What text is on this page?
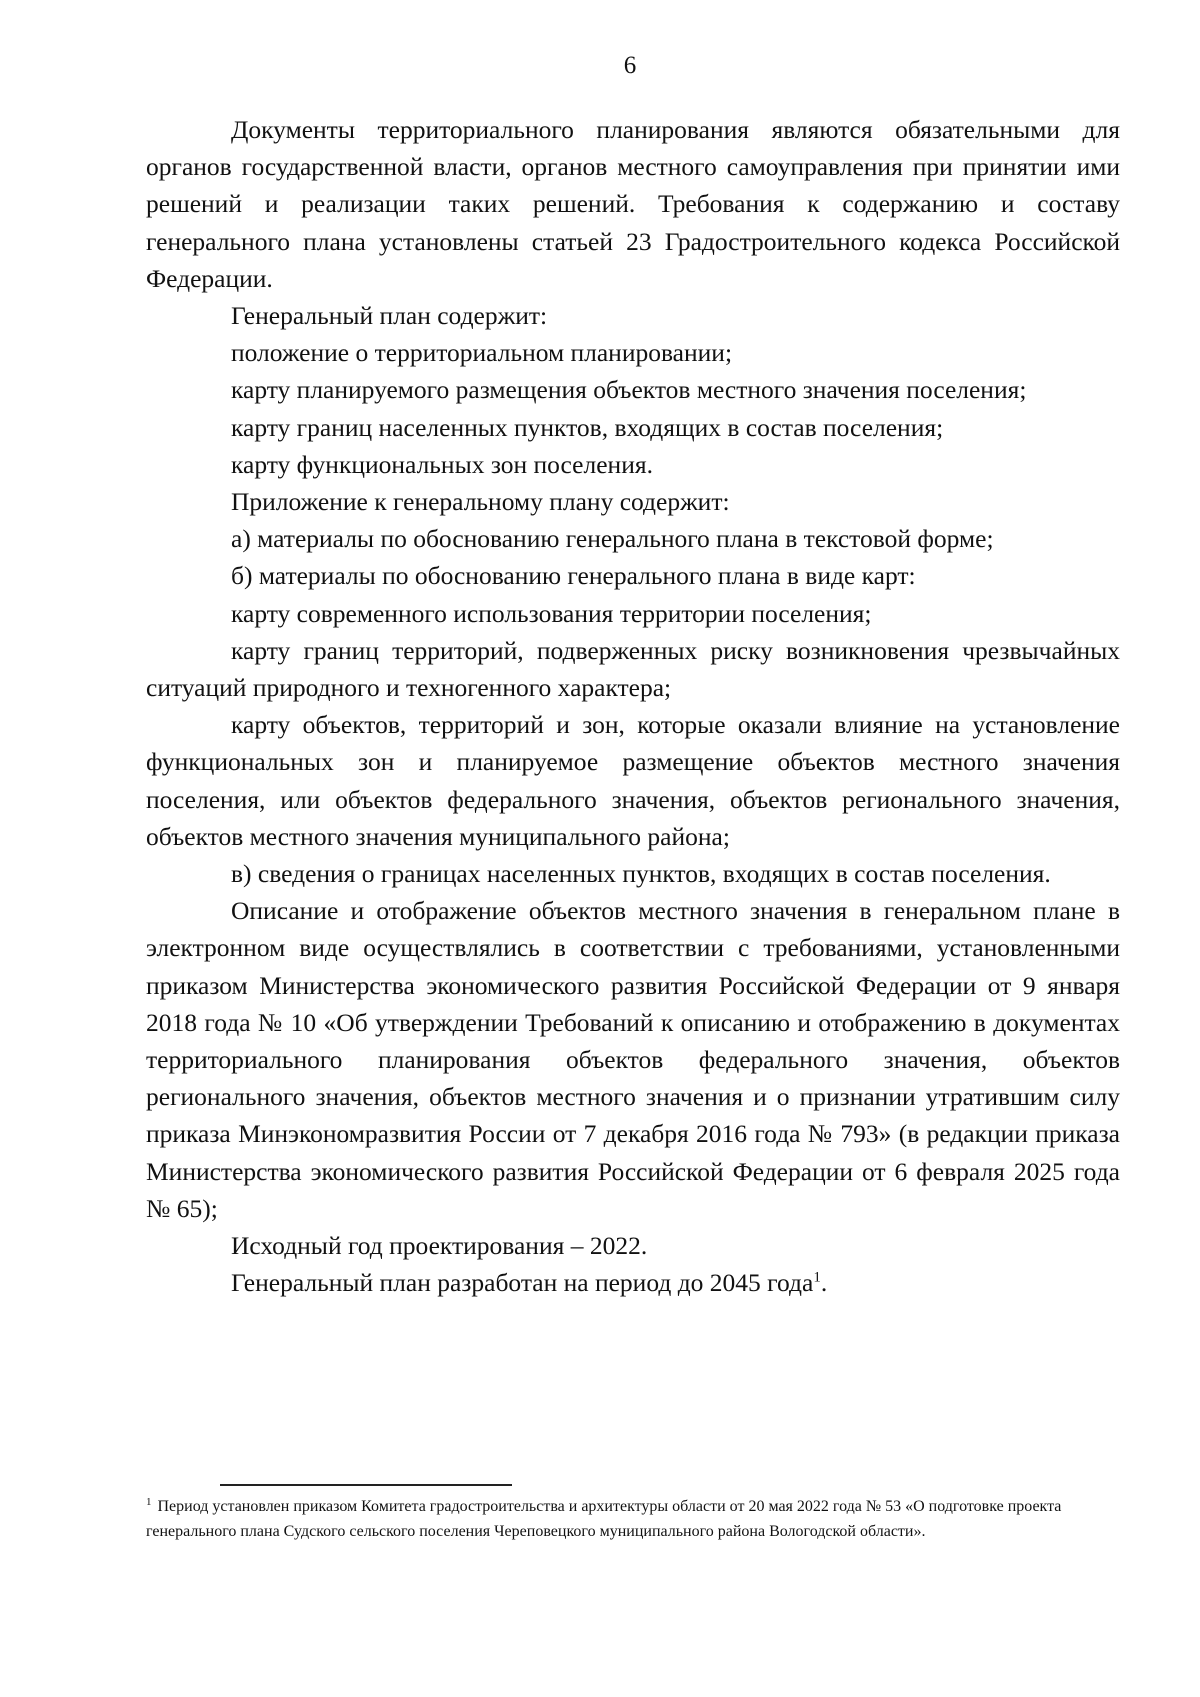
6

Документы территориального планирования являются обязательными для органов государственной власти, органов местного самоуправления при принятии ими решений и реализации таких решений. Требования к содержанию и составу генерального плана установлены статьей 23 Градостроительного кодекса Российской Федерации.

Генеральный план содержит:

положение о территориальном планировании;

карту планируемого размещения объектов местного значения поселения;

карту границ населенных пунктов, входящих в состав поселения;

карту функциональных зон поселения.

Приложение к генеральному плану содержит:

а) материалы по обоснованию генерального плана в текстовой форме;

б) материалы по обоснованию генерального плана в виде карт:

карту современного использования территории поселения;

карту границ территорий, подверженных риску возникновения чрезвычайных ситуаций природного и техногенного характера;

карту объектов, территорий и зон, которые оказали влияние на установление функциональных зон и планируемое размещение объектов местного значения поселения, или объектов федерального значения, объектов регионального значения, объектов местного значения муниципального района;

в) сведения о границах населенных пунктов, входящих в состав поселения.

Описание и отображение объектов местного значения в генеральном плане в электронном виде осуществлялись в соответствии с требованиями, установленными приказом Министерства экономического развития Российской Федерации от 9 января 2018 года № 10 «Об утверждении Требований к описанию и отображению в документах территориального планирования объектов федерального значения, объектов регионального значения, объектов местного значения и о признании утратившим силу приказа Минэкономразвития России от 7 декабря 2016 года № 793» (в редакции приказа Министерства экономического развития Российской Федерации от 6 февраля 2025 года № 65);

Исходный год проектирования – 2022.

Генеральный план разработан на период до 2045 года$^1$.

$^1$ Период установлен приказом Комитета градостроительства и архитектуры области от 20 мая 2022 года № 53 «О подготовке проекта генерального плана Судского сельского поселения Череповецкого муниципального района Вологодской области».
